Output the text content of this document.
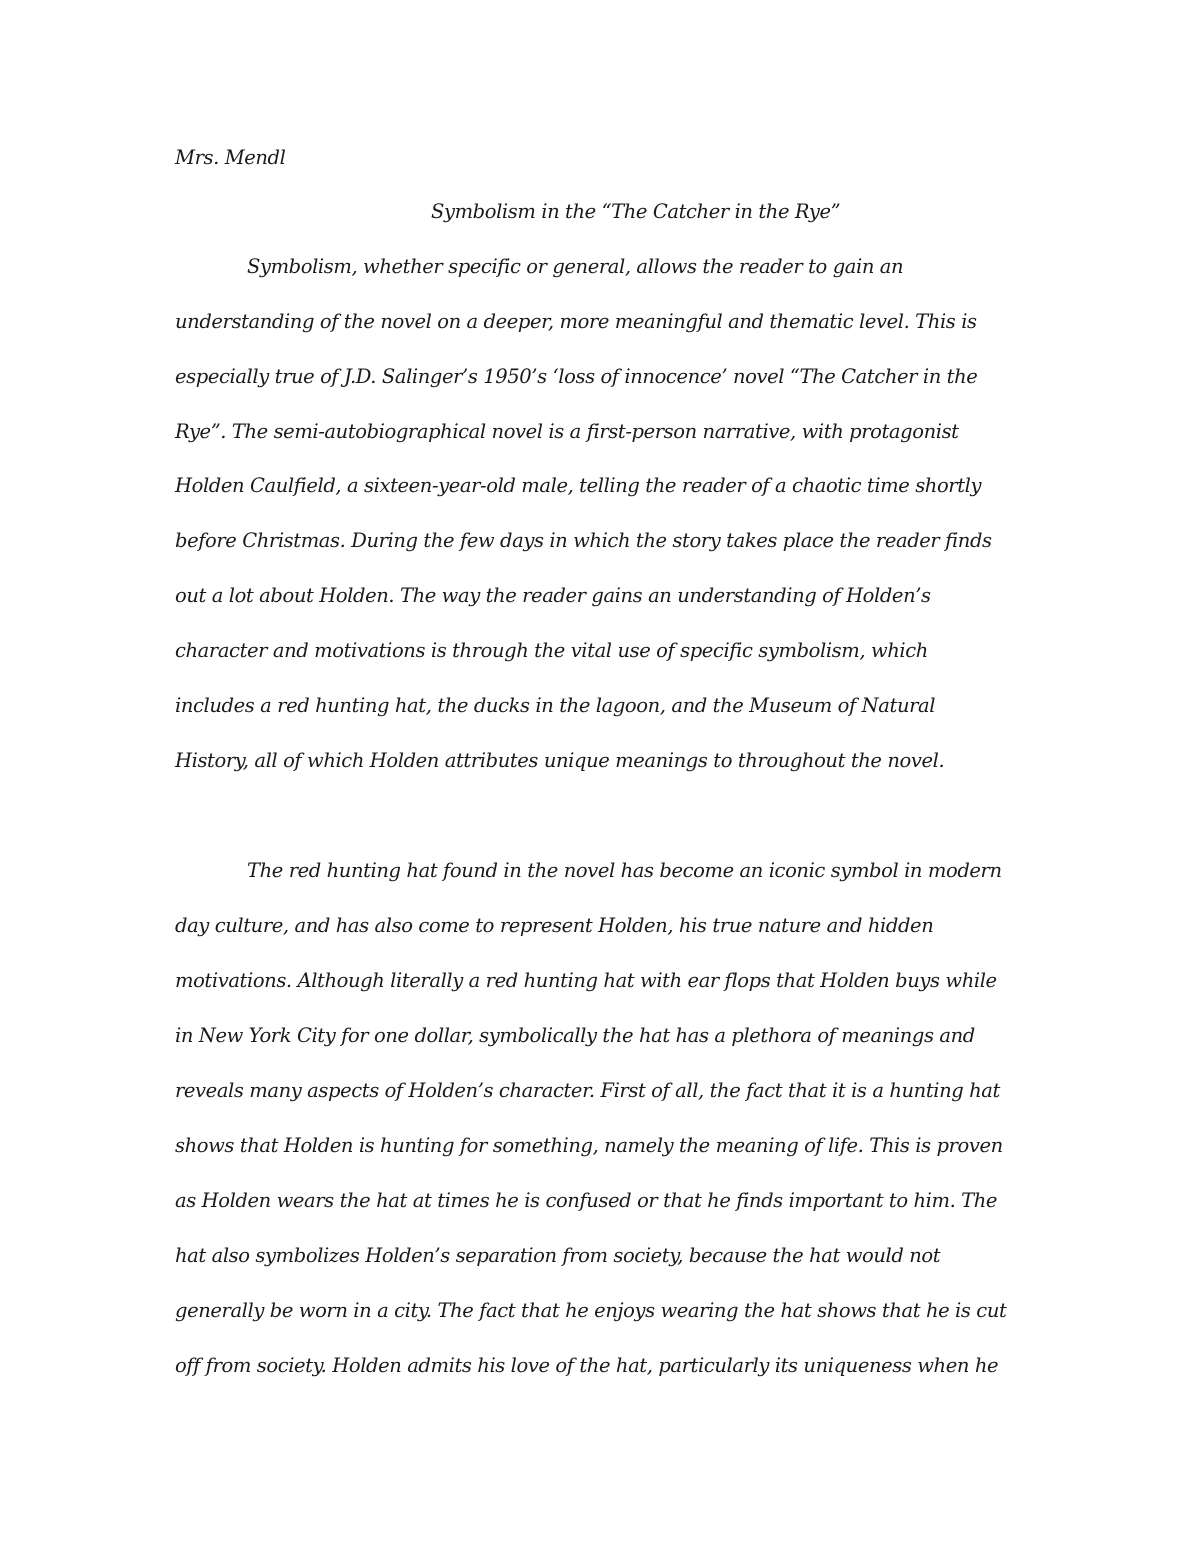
Mrs. Mendl
Symbolism in the “The Catcher in the Rye”
Symbolism, whether specific or general, allows the reader to gain an
understanding of the novel on a deeper, more meaningful and thematic level. This is
especially true of J.D. Salinger’s 1950’s ‘loss of innocence’ novel “The Catcher in the
Rye”. The semi-autobiographical novel is a first-person narrative, with protagonist
Holden Caulfield, a sixteen-year-old male, telling the reader of a chaotic time shortly
before Christmas. During the few days in which the story takes place the reader finds
out a lot about Holden. The way the reader gains an understanding of Holden’s
character and motivations is through the vital use of specific symbolism, which
includes a red hunting hat, the ducks in the lagoon, and the Museum of Natural
History, all of which Holden attributes unique meanings to throughout the novel.
The red hunting hat found in the novel has become an iconic symbol in modern
day culture, and has also come to represent Holden, his true nature and hidden
motivations. Although literally a red hunting hat with ear flops that Holden buys while
in New York City for one dollar, symbolically the hat has a plethora of meanings and
reveals many aspects of Holden’s character. First of all, the fact that it is a hunting hat
shows that Holden is hunting for something, namely the meaning of life. This is proven
as Holden wears the hat at times he is confused or that he finds important to him. The
hat also symbolizes Holden’s separation from society, because the hat would not
generally be worn in a city. The fact that he enjoys wearing the hat shows that he is cut
off from society. Holden admits his love of the hat, particularly its uniqueness when he
